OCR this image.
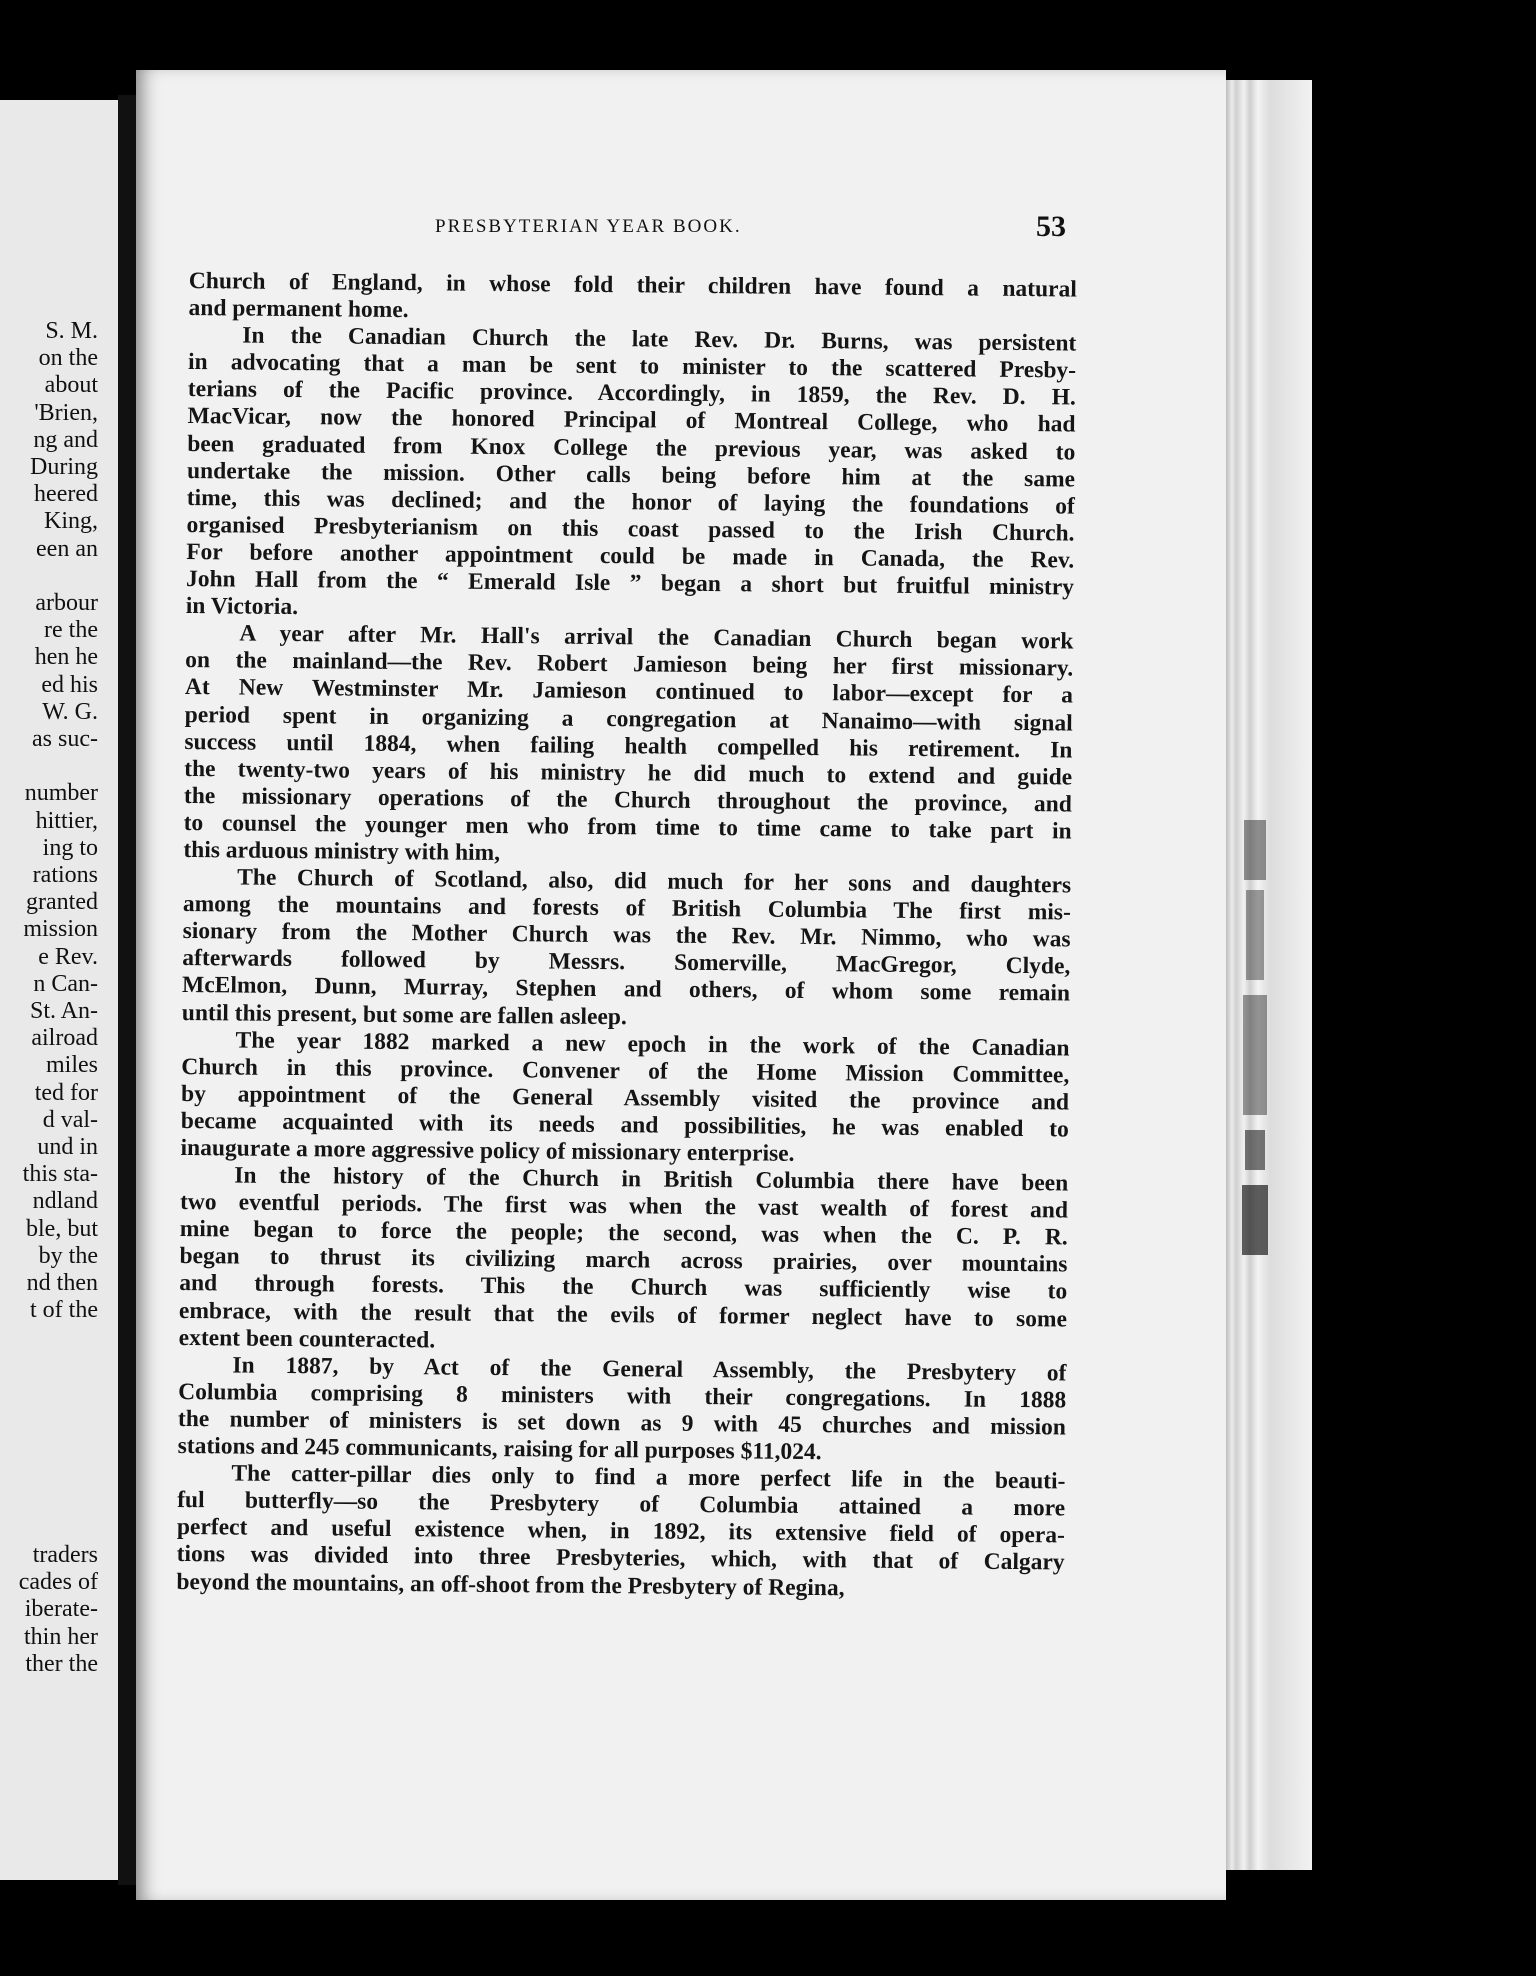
S. M.
on the
about
'Brien,
ng and
During
heered
King,
een an
arbour
re the
hen he
ed his
W. G.
as suc-
number
hittier,
ing to
rations
granted
mission
e Rev.
n Can-
St. An-
ailroad
miles
ted for
d val-
und in
this sta-
ndland
ble, but
by the
nd then
t of the
traders
cades of
iberate-
thin her
ther the
PRESBYTERIAN YEAR BOOK.	53

Church of England, in whose fold their children have found a natural
and permanent home.

In the Canadian Church the late Rev. Dr. Burns, was persistent
in advocating that a man be sent to minister to the scattered Presby-
terians of the Pacific province. Accordingly, in 1859, the Rev. D. H.
MacVicar, now the honored Principal of Montreal College, who had
been graduated from Knox College the previous year, was asked to
undertake the mission. Other calls being before him at the same
time, this was declined; and the honor of laying the foundations of
organised Presbyterianism on this coast passed to the Irish Church.
For before another appointment could be made in Canada, the Rev.
John Hall from the “ Emerald Isle ” began a short but fruitful ministry
in Victoria.

A year after Mr. Hall's arrival the Canadian Church began work
on the mainland—the Rev. Robert Jamieson being her first missionary.
At New Westminster Mr. Jamieson continued to labor—except for a
period spent in organizing a congregation at Nanaimo—with signal
success until 1884, when failing health compelled his retirement. In
the twenty-two years of his ministry he did much to extend and guide
the missionary operations of the Church throughout the province, and
to counsel the younger men who from time to time came to take part in
this arduous ministry with him,

The Church of Scotland, also, did much for her sons and daughters
among the mountains and forests of British Columbia The first mis-
sionary from the Mother Church was the Rev. Mr. Nimmo, who was
afterwards followed by Messrs. Somerville, MacGregor, Clyde,
McElmon, Dunn, Murray, Stephen and others, of whom some remain
until this present, but some are fallen asleep.

The year 1882 marked a new epoch in the work of the Canadian
Church in this province. Convener of the Home Mission Committee,
by appointment of the General Assembly visited the province and
became acquainted with its needs and possibilities, he was enabled to
inaugurate a more aggressive policy of missionary enterprise.

In the history of the Church in British Columbia there have been
two eventful periods. The first was when the vast wealth of forest and
mine began to force the people; the second, was when the C. P. R.
began to thrust its civilizing march across prairies, over mountains
and through forests. This the Church was sufficiently wise to
embrace, with the result that the evils of former neglect have to some
extent been counteracted.

In 1887, by Act of the General Assembly, the Presbytery of
Columbia comprising 8 ministers with their congregations. In 1888
the number of ministers is set down as 9 with 45 churches and mission
stations and 245 communicants, raising for all purposes $11,024.

The catter-pillar dies only to find a more perfect life in the beauti-
ful butterfly—so the Presbytery of Columbia attained a more
perfect and useful existence when, in 1892, its extensive field of opera-
tions was divided into three Presbyteries, which, with that of Calgary
beyond the mountains, an off-shoot from the Presbytery of Regina,
